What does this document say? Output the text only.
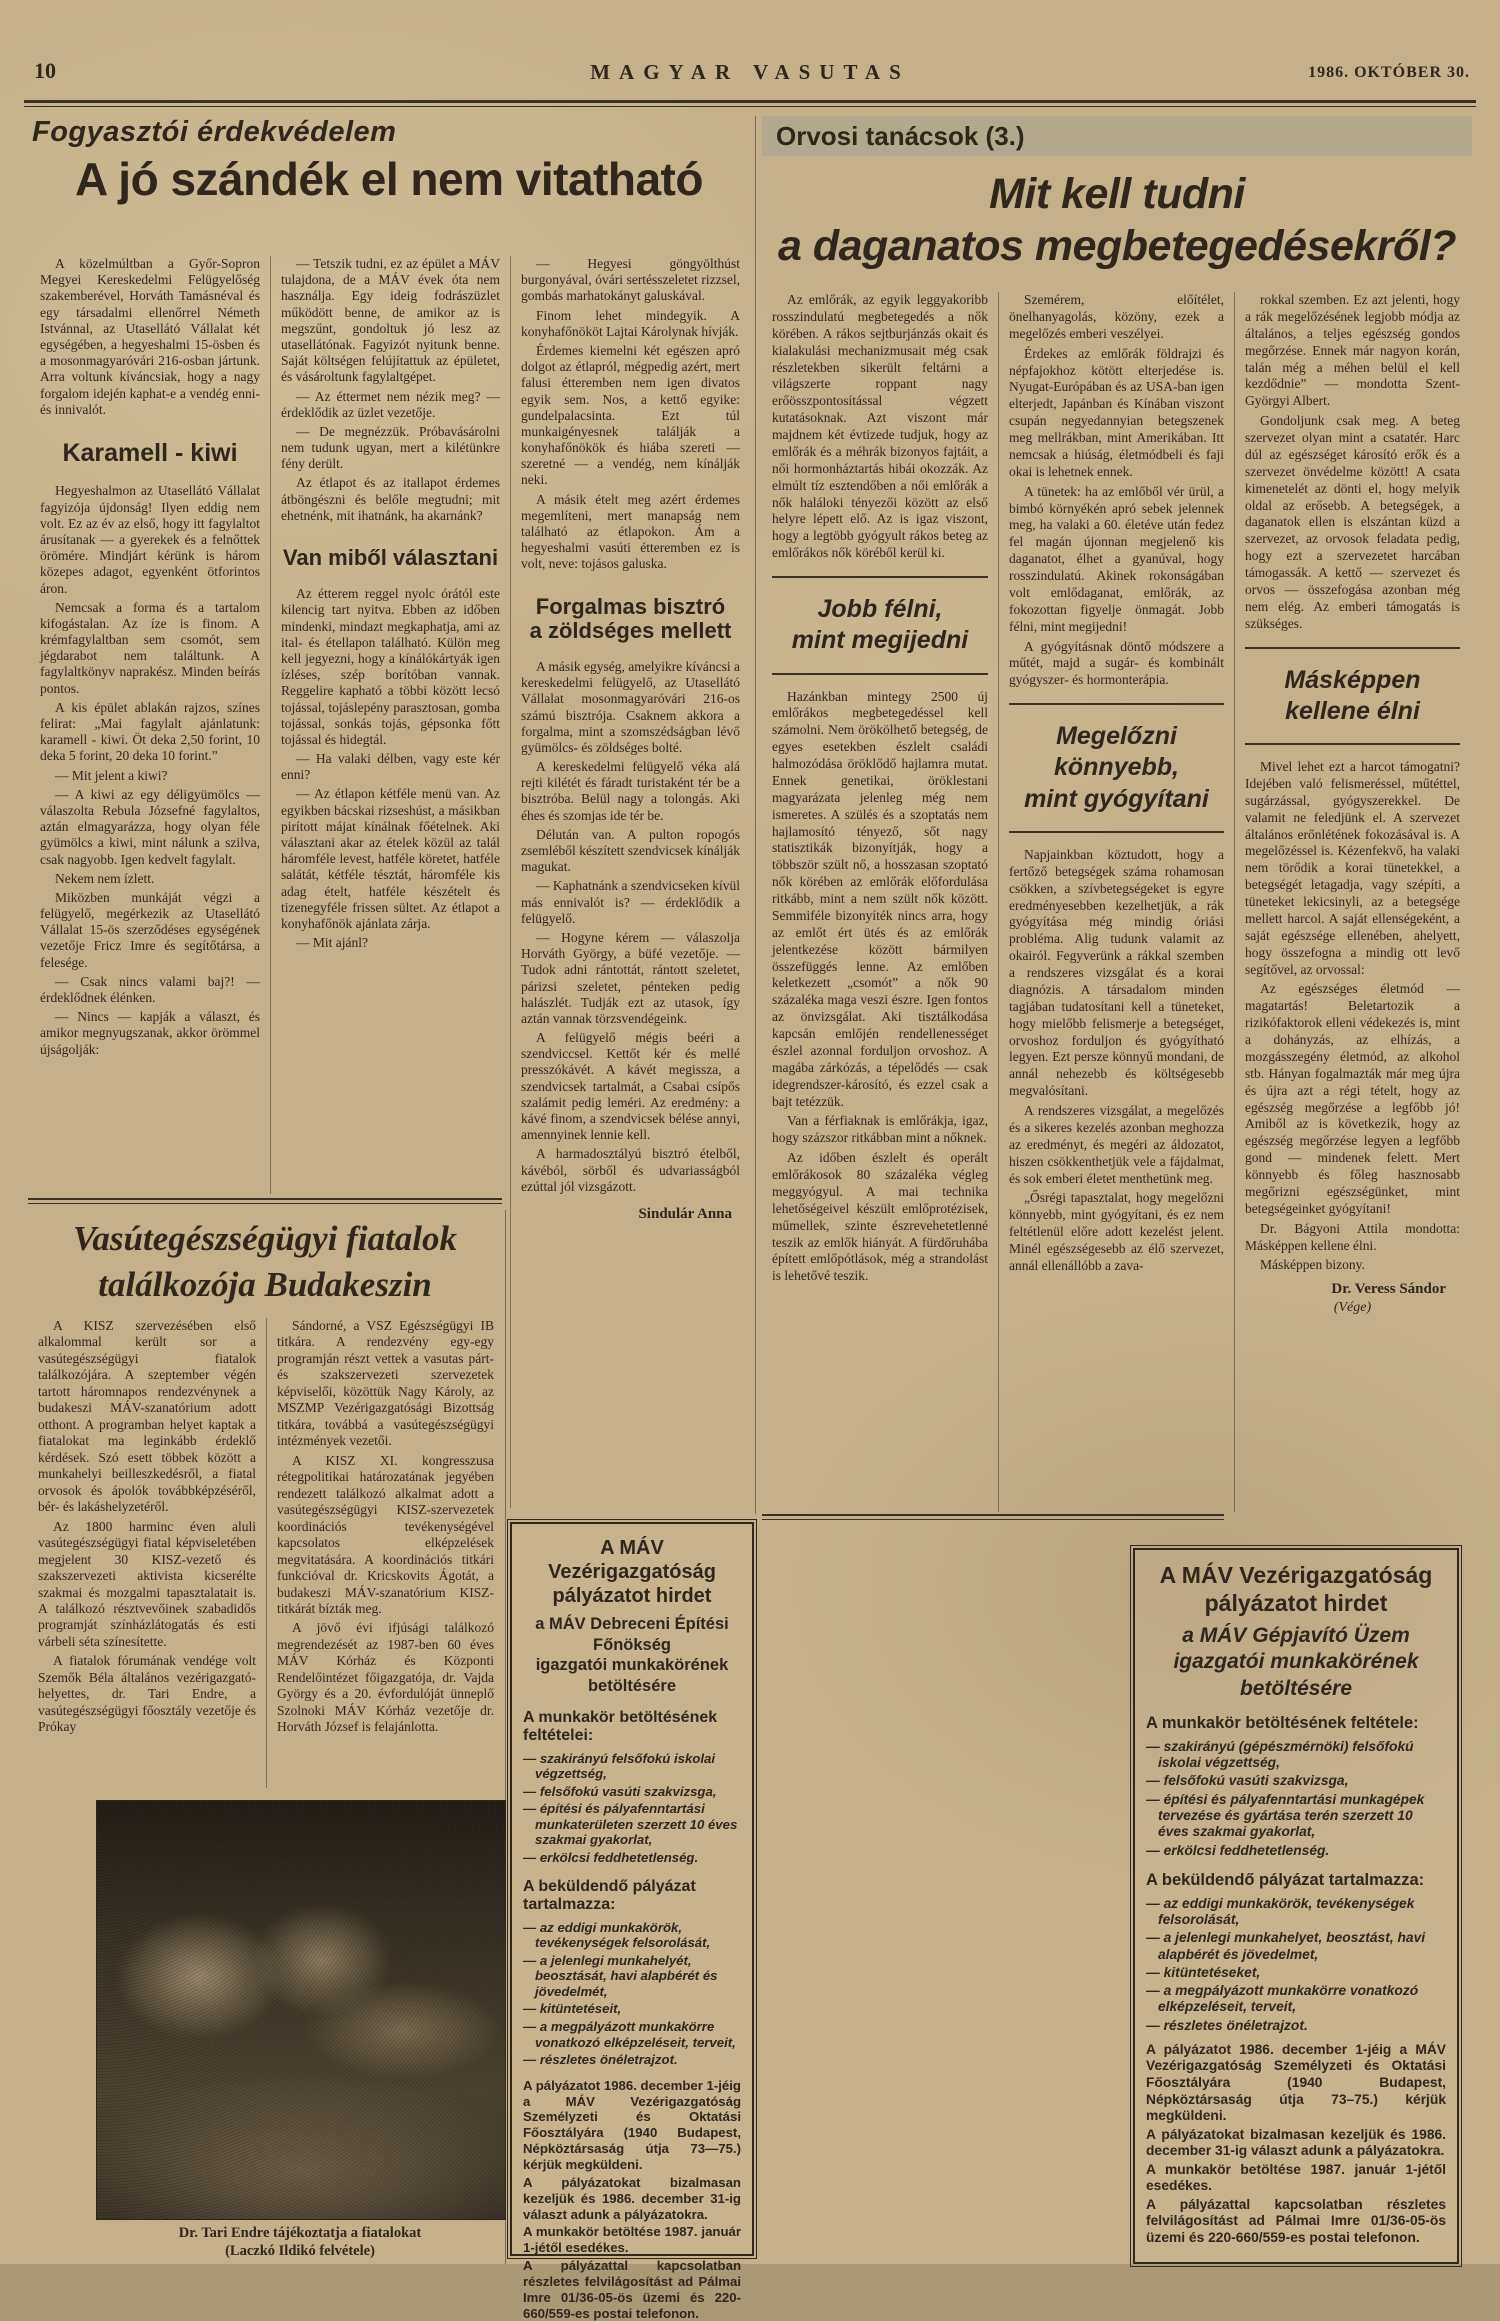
10	MAGYAR VASUTAS	1986. OKTÓBER 30.
Fogyasztói érdekvédelem
A jó szándék el nem vitatható

A közelmúltban a Győr-Sopron Megyei Kereskedelmi Felügyelőség szakemberével, Horváth Tamásnéval és egy társadalmi ellenőrrel Németh Istvánnal, az Utasellátó Vállalat két egységében, a hegyeshalmi 15-ösben és a mosonmagyaróvári 216-osban jártunk. Arra voltunk kíváncsiak, hogy a nagy forgalom idején kaphat-e a vendég enni- és innivalót.

Karamell - kiwi

Hegyeshalmon az Utasellátó Vállalat fagyizója újdonság! Ilyen eddig nem volt. Ez az év az első, hogy itt fagylaltot árusítanak — a gyerekek és a felnőttek örömére. Mindjárt kérünk is három közepes adagot, egyenként ötforintos áron.

Nemcsak a forma és a tartalom kifogástalan. Az íze is finom. A krémfagylaltban sem csomót, sem jégdarabot nem találtunk. A fagylaltkönyv naprakész. Minden beírás pontos.

A kis épület ablakán rajzos, színes felirat: „Mai fagylalt ajánlatunk: karamell - kiwi. Öt deka 2,50 forint, 10 deka 5 forint, 20 deka 10 forint.”

— Mit jelent a kiwi?

— A kiwi az egy déligyümölcs — válaszolta Rebula Józsefné fagylaltos, aztán elmagyarázza, hogy olyan féle gyümölcs a kiwi, mint nálunk a szilva, csak nagyobb. Igen kedvelt fagylalt.

Nekem nem ízlett.

Miközben munkáját végzi a felügyelő, megérkezik az Utasellátó Vállalat 15-ös szerződéses egységének vezetője Fricz Imre és segítőtársa, a felesége.

— Csak nincs valami baj?! — érdeklődnek élénken.

— Nincs — kapják a választ, és amikor megnyugszanak, akkor örömmel újságolják:

— Tetszik tudni, ez az épület a MÁV tulajdona, de a MÁV évek óta nem használja. Egy ideig fodrászüzlet működött benne, de amikor az is megszűnt, gondoltuk jó lesz az utasellátónak. Fagyizót nyitunk benne. Saját költségen felújítattuk az épületet, és vásároltunk fagylaltgépet.

— Az éttermet nem nézik meg? — érdeklődik az üzlet vezetője.

— De megnézzük. Próbavásárolni nem tudunk ugyan, mert a kilétünkre fény derült.

Az étlapot és az itallapot érdemes átböngészni és belőle megtudni; mit ehetnénk, mit ihatnánk, ha akarnánk?

Van miből választani

Az étterem reggel nyolc órától este kilencig tart nyitva. Ebben az időben mindenki, mindazt megkaphatja, ami az ital- és étellapon található. Külön meg kell jegyezni, hogy a kínálókártyák igen ízléses, szép borítóban vannak. Reggelire kapható a többi között lecsó tojással, tojáslepény parasztosan, gomba tojással, sonkás tojás, gépsonka főtt tojással és hidegtál.

— Ha valaki délben, vagy este kér enni?

— Az étlapon kétféle menü van. Az egyikben bácskai rizseshúst, a másikban pirított májat kínálnak főételnek. Aki választani akar az ételek közül az talál háromféle levest, hatféle köretet, hatféle salátát, kétféle tésztát, háromféle kis adag ételt, hatféle készételt és tizenegyféle frissen sültet. Az étlapot a konyhafőnök ajánlata zárja.

— Mit ajánl?

— Hegyesi göngyölthúst burgonyával, óvári sertésszeletet rizzsel, gombás marhatokányt galuskával.

Finom lehet mindegyik. A konyhafőnököt Lajtai Károlynak hívják.

Érdemes kiemelni két egészen apró dolgot az étlapról, mégpedig azért, mert falusi étteremben nem igen divatos egyik sem. Nos, a kettő egyike: gundelpalacsinta. Ezt túl munkaigényesnek találják a konyhafőnökök és hiába szereti — szeretné — a vendég, nem kínálják neki.

A másik ételt meg azért érdemes megemlíteni, mert manapság nem található az étlapokon. Ám a hegyeshalmi vasúti étteremben ez is volt, neve: tojásos galuska.

Forgalmas bisztró
a zöldséges mellett

A másik egység, amelyikre kíváncsi a kereskedelmi felügyelő, az Utasellátó Vállalat mosonmagyaróvári 216-os számú bisztrója. Csaknem akkora a forgalma, mint a szomszédságban lévő gyümölcs- és zöldséges bolté.

A kereskedelmi felügyelő véka alá rejti kilétét és fáradt turistaként tér be a bisztróba. Belül nagy a tolongás. Aki éhes és szomjas ide tér be.

Délután van. A pulton ropogós zsemléből készített szendvicsek kínálják magukat.

— Kaphatnánk a szendvicseken kívül más ennivalót is? — érdeklődik a felügyelő.

— Hogyne kérem — válaszolja Horváth György, a büfé vezetője. — Tudok adni rántottát, rántott szeletet, párizsi szeletet, pénteken pedig halászlét. Tudják ezt az utasok, így aztán vannak törzsvendégeink.

A felügyelő mégis beéri a szendviccsel. Kettőt kér és mellé presszókávét. A kávét megissza, a szendvicsek tartalmát, a Csabai csípős szalámit pedig leméri. Az eredmény: a kávé finom, a szendvicsek bélése annyi, amennyinek lennie kell.

A harmadosztályú bisztró ételből, kávéból, sörből és udvariasságból ezúttal jól vizsgázott.

Sindulár Anna
Orvosi tanácsok (3.)
Mit kell tudni
a daganatos megbetegedésekről?

Az emlőrák, az egyik leggyakoribb rosszindulatú megbetegedés a nők körében. A rákos sejtburjánzás okait és kialakulási mechanizmusait még csak részletekben sikerült feltárni a világszerte roppant nagy erőösszpontosítással végzett kutatásoknak. Azt viszont már majdnem két évtizede tudjuk, hogy az emlőrák és a méhrák bizonyos fajtáit, a női hormonháztartás hibái okozzák. Az elmúlt tíz esztendőben a női emlőrák a nők haláloki tényezői között az első helyre lépett elő. Az is igaz viszont, hogy a legtöbb gyógyult rákos beteg az emlőrákos nők köréből kerül ki.

Jobb félni,
mint megijedni

Hazánkban mintegy 2500 új emlőrákos megbetegedéssel kell számolni. Nem örökölhető betegség, de egyes esetekben észlelt családi halmozódása öröklődő hajlamra mutat. Ennek genetikai, öröklestani magyarázata jelenleg még nem ismeretes. A szülés és a szoptatás nem hajlamosító tényező, sőt nagy statisztikák bizonyítják, hogy a többször szült nő, a hosszasan szoptató nők körében az emlőrák előfordulása ritkább, mint a nem szült nők között. Semmiféle bizonyíték nincs arra, hogy az emlőt ért ütés és az emlőrák jelentkezése között bármilyen összefüggés lenne. Az emlőben keletkezett „csomót” a nők 90 százaléka maga veszi észre. Igen fontos az önvizsgálat. Aki tisztálkodása kapcsán emlőjén rendellenességet észlel azonnal forduljon orvoshoz. A magába zárkózás, a tépelődés — csak idegrendszer-károsító, és ezzel csak a bajt tetézzük.

Van a férfiaknak is emlőrákja, igaz, hogy százszor ritkábban mint a nőknek.

Az időben észlelt és operált emlőrákosok 80 százaléka végleg meggyógyul. A mai technika lehetőségeivel készült emlőprotézisek, műmellek, szinte észrevehetetlenné teszik az emlők hiányát. A fürdőruhába épített emlőpótlások, még a strandolást is lehetővé teszik.

Szemérem, előítélet, önelhanyagolás, közöny, ezek a megelőzés emberi veszélyei.

Érdekes az emlőrák földrajzi és népfajokhoz kötött elterjedése is. Nyugat-Európában és az USA-ban igen elterjedt, Japánban és Kínában viszont csupán negyedannyian betegszenek meg mellrákban, mint Amerikában. Itt nemcsak a hiúság, életmódbeli és faji okai is lehetnek ennek.

A tünetek: ha az emlőből vér ürül, a bimbó környékén apró sebek jelennek meg, ha valaki a 60. életéve után fedez fel magán újonnan megjelenő kis daganatot, élhet a gyanúval, hogy rosszindulatú. Akinek rokonságában volt emlődaganat, emlőrák, az fokozottan figyelje önmagát. Jobb félni, mint megijedni!

A gyógyításnak döntő módszere a műtét, majd a sugár- és kombinált gyógyszer- és hormonterápia.

Megelőzni
könnyebb,
mint gyógyítani

Napjainkban köztudott, hogy a fertőző betegségek száma rohamosan csökken, a szívbetegségeket is egyre eredményesebben kezelhetjük, a rák gyógyítása még mindig óriási probléma. Alig tudunk valamit az okairól. Fegyverünk a rákkal szemben a rendszeres vizsgálat és a korai diagnózis. A társadalom minden tagjában tudatosítani kell a tüneteket, hogy mielőbb felismerje a betegséget, orvoshoz forduljon és gyógyítható legyen. Ezt persze könnyű mondani, de annál nehezebb és költségesebb megvalósítani.

A rendszeres vizsgálat, a megelőzés és a sikeres kezelés azonban meghozza az eredményt, és megéri az áldozatot, hiszen csökkenthetjük vele a fájdalmat, és sok emberi életet menthetünk meg.

„Ősrégi tapasztalat, hogy megelőzni könnyebb, mint gyógyítani, és ez nem feltétlenül előre adott kezelést jelent. Minél egészségesebb az élő szervezet, annál ellenállóbb a zava-

rokkal szemben. Ez azt jelenti, hogy a rák megelőzésének legjobb módja az általános, a teljes egészség gondos megőrzése. Ennek már nagyon korán, talán még a méhen belül el kell kezdődnie” — mondotta Szent-Györgyi Albert.

Gondoljunk csak meg. A beteg szervezet olyan mint a csatatér. Harc dúl az egészséget károsító erők és a szervezet önvédelme között! A csata kimenetelét az dönti el, hogy melyik oldal az erősebb. A betegségek, a daganatok ellen is elszántan küzd a szervezet, az orvosok feladata pedig, hogy ezt a szervezetet harcában támogassák. A kettő — szervezet és orvos — összefogása azonban még nem elég. Az emberi támogatás is szükséges.

Másképpen
kellene élni

Mivel lehet ezt a harcot támogatni? Idejében való felismeréssel, műtéttel, sugárzással, gyógyszerekkel. De valamit ne feledjünk el. A szervezet általános erőnlétének fokozásával is. A megelőzéssel is. Kézenfekvő, ha valaki nem törődik a korai tünetekkel, a betegségét letagadja, vagy szépíti, a tüneteket lekicsinyli, az a betegsége mellett harcol. A saját ellenségeként, a saját egészsége ellenében, ahelyett, hogy összefogna a mindig ott levő segítővel, az orvossal:

Az egészséges életmód — magatartás! Beletartozik a rizikófaktorok elleni védekezés is, mint a dohányzás, az elhízás, a mozgásszegény életmód, az alkohol stb. Hányan fogalmazták már meg újra és újra azt a régi tételt, hogy az egészség megőrzése a legfőbb jó! Amiből az is következik, hogy az egészség megőrzése legyen a legfőbb gond — mindenek felett. Mert könnyebb és főleg hasznosabb megőrizni egészségünket, mint betegségeinket gyógyítani!

Dr. Bágyoni Attila mondotta: Másképpen kellene élni.

Másképpen bizony.

Dr. Veress Sándor
(Vége)
Vasútegészségügyi fiatalok
találkozója Budakeszin

A KISZ szervezésében első alkalommal került sor a vasútegészségügyi fiatalok találkozójára. A szeptember végén tartott háromnapos rendezvénynek a budakeszi MÁV-szanatórium adott otthont. A programban helyet kaptak a fiatalokat ma leginkább érdeklő kérdések. Szó esett többek között a munkahelyi beilleszkedésről, a fiatal orvosok és ápolók továbbképzéséről, bér- és lakáshelyzetéről.

Az 1800 harminc éven aluli vasútegészségügyi fiatal képviseletében megjelent 30 KISZ-vezető és szakszervezeti aktivista kicserélte szakmai és mozgalmi tapasztalatait is. A találkozó résztvevőinek szabadidős programját színházlátogatás és esti várbeli séta színesítette.

A fiatalok fórumának vendége volt Szemők Béla általános vezérigazgató-helyettes, dr. Tari Endre, a vasútegészségügyi főosztály vezetője és Prókay

Sándorné, a VSZ Egészségügyi IB titkára. A rendezvény egy-egy programján részt vettek a vasutas párt- és szakszervezeti szervezetek képviselői, közöttük Nagy Károly, az MSZMP Vezérigazgatósági Bizottság titkára, továbbá a vasútegészségügyi intézmények vezetői.

A KISZ XI. kongresszusa rétegpolitikai határozatának jegyében rendezett találkozó alkalmat adott a vasútegészségügyi KISZ-szervezetek koordinációs tevékenységével kapcsolatos elképzelések megvitatására. A koordinációs titkári funkcióval dr. Kricskovits Ágotát, a budakeszi MÁV-szanatórium KISZ-titkárát bízták meg.

A jövő évi ifjúsági találkozó megrendezését az 1987-ben 60 éves MÁV Kórház és Központi Rendelőintézet főigazgatója, dr. Vajda György és a 20. évfordulóját ünneplő Szolnoki MÁV Kórház vezetője dr. Horváth József is felajánlotta.

Dr. Tari Endre tájékoztatja a fiatalokat
(Laczkó Ildikó felvétele)
A MÁV Vezérigazgatóság
pályázatot hirdet
a MÁV Debreceni Építési Főnökség
igazgatói munkakörének betöltésére
A munkakör betöltésének feltételei:

— szakirányú felsőfokú iskolai végzettség,

— felsőfokú vasúti szakvizsga,

— építési és pályafenntartási munkaterületen szerzett 10 éves szakmai gyakorlat,

— erkölcsi feddhetetlenség.

A beküldendő pályázat tartalmazza:

— az eddigi munkakörök, tevékenységek felsorolását,

— a jelenlegi munkahelyét, beosztását, havi alapbérét és jövedelmét,

— kitüntetéseit,

— a megpályázott munkakörre vonatkozó elképzeléseit, terveit,

— részletes önéletrajzot.

A pályázatot 1986. december 1-jéig a MÁV Vezérigazgatóság Személyzeti és Oktatási Főosztályára (1940 Budapest, Népköztársaság útja 73—75.) kérjük megküldeni.

A pályázatokat bizalmasan kezeljük és 1986. december 31-ig választ adunk a pályázatokra.

A munkakör betöltése 1987. január 1-jétől esedékes.

A pályázattal kapcsolatban részletes felvilágosítást ad Pálmai Imre 01/36-05-ös üzemi és 220-660/559-es postai telefonon.

A MÁV Vezérigazgatóság
pályázatot hirdet
a MÁV Gépjavító Üzem
igazgatói munkakörének
betöltésére
A munkakör betöltésének feltétele:

— szakirányú (gépészmérnöki) felsőfokú iskolai végzettség,

— felsőfokú vasúti szakvizsga,

— építési és pályafenntartási munkagépek tervezése és gyártása terén szerzett 10 éves szakmai gyakorlat,

— erkölcsi feddhetetlenség.

A beküldendő pályázat tartalmazza:

— az eddigi munkakörök, tevékenységek felsorolását,

— a jelenlegi munkahelyet, beosztást, havi alapbérét és jövedelmet,

— kitüntetéseket,

— a megpályázott munkakörre vonatkozó elképzeléseit, terveit,

— részletes önéletrajzot.

A pályázatot 1986. december 1-jéig a MÁV Vezérigazgatóság Személyzeti és Oktatási Főosztályára (1940 Budapest, Népköztársaság útja 73–75.) kérjük megküldeni.

A pályázatokat bizalmasan kezeljük és 1986. december 31-ig választ adunk a pályázatokra.

A munkakör betöltése 1987. január 1-jétől esedékes.

A pályázattal kapcsolatban részletes felvilágosítást ad Pálmai Imre 01/36-05-ös üzemi és 220-660/559-es postai telefonon.
